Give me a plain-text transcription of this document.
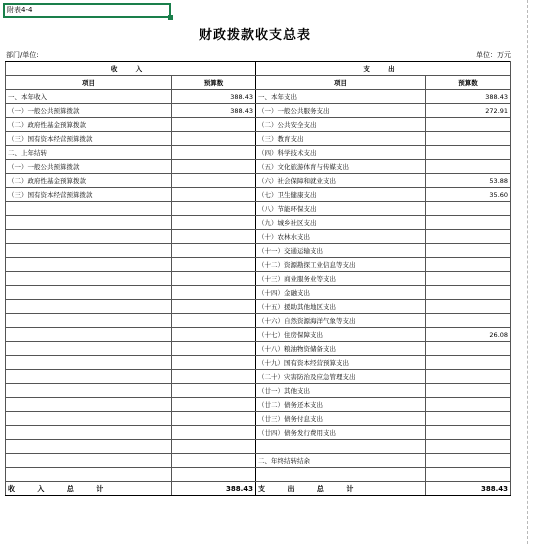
附表4-4
财政拨款收支总表
部门/单位:	单位：万元
收 入		支 出	
项目	预算数	项目	预算数
一、本年收入	388.43	一、本年支出	388.43
（一）一般公共预算拨款	388.43	（一）一般公共服务支出	272.91
（二）政府性基金预算拨款		（二）公共安全支出	
（三）国有资本经营预算拨款		（三）教育支出	
二、上年结转		（四）科学技术支出	
（一）一般公共预算拨款		（五）文化旅游体育与传媒支出	
（二）政府性基金预算拨款		（六）社会保障和就业支出	53.88
（三）国有资本经营预算拨款		（七）卫生健康支出	35.60
		（八）节能环保支出	
		（九）城乡社区支出	
		（十）农林水支出	
		（十一）交通运输支出	
		（十二）资源勘探工业信息等支出	
		（十三）商业服务业等支出	
		（十四）金融支出	
		（十五）援助其他地区支出	
		（十六）自然资源海洋气象等支出	
		（十七）住房保障支出	26.08
		（十八）粮油物资储备支出	
		（十九）国有资本经营预算支出	
		（二十）灾害防治及应急管理支出	
		（廿一）其他支出	
		（廿二）债务还本支出	
		（廿三）债务付息支出	
		（廿四）债务发行费用支出	

		二、年终结转结余	

收 入 总 计	388.43	支 出 总 计	388.43
